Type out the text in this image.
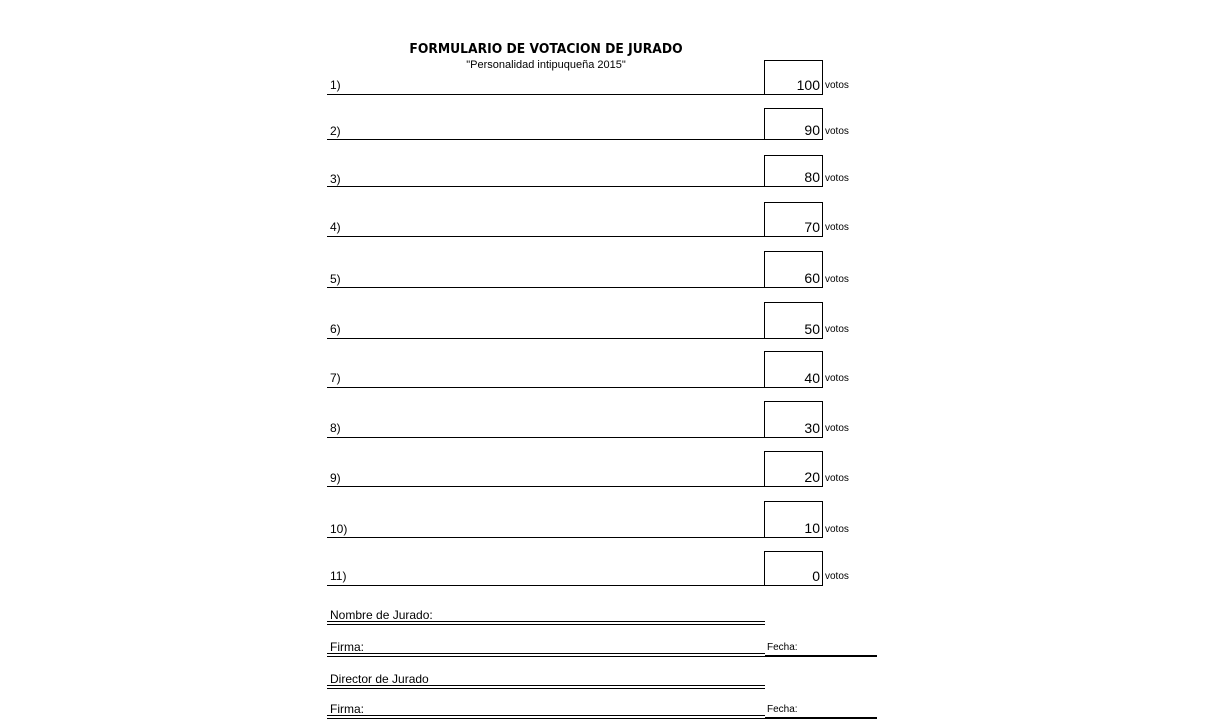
FORMULARIO DE VOTACION DE JURADO
"Personalidad intipuqueña 2015"
1)	100 votos
2)	90 votos
3)	80 votos
4)	70 votos
5)	60 votos
6)	50 votos
7)	40 votos
8)	30 votos
9)	20 votos
10)	10 votos
11)	0 votos
Nombre de Jurado:
Firma:	Fecha:
Director de Jurado
Firma:	Fecha:
